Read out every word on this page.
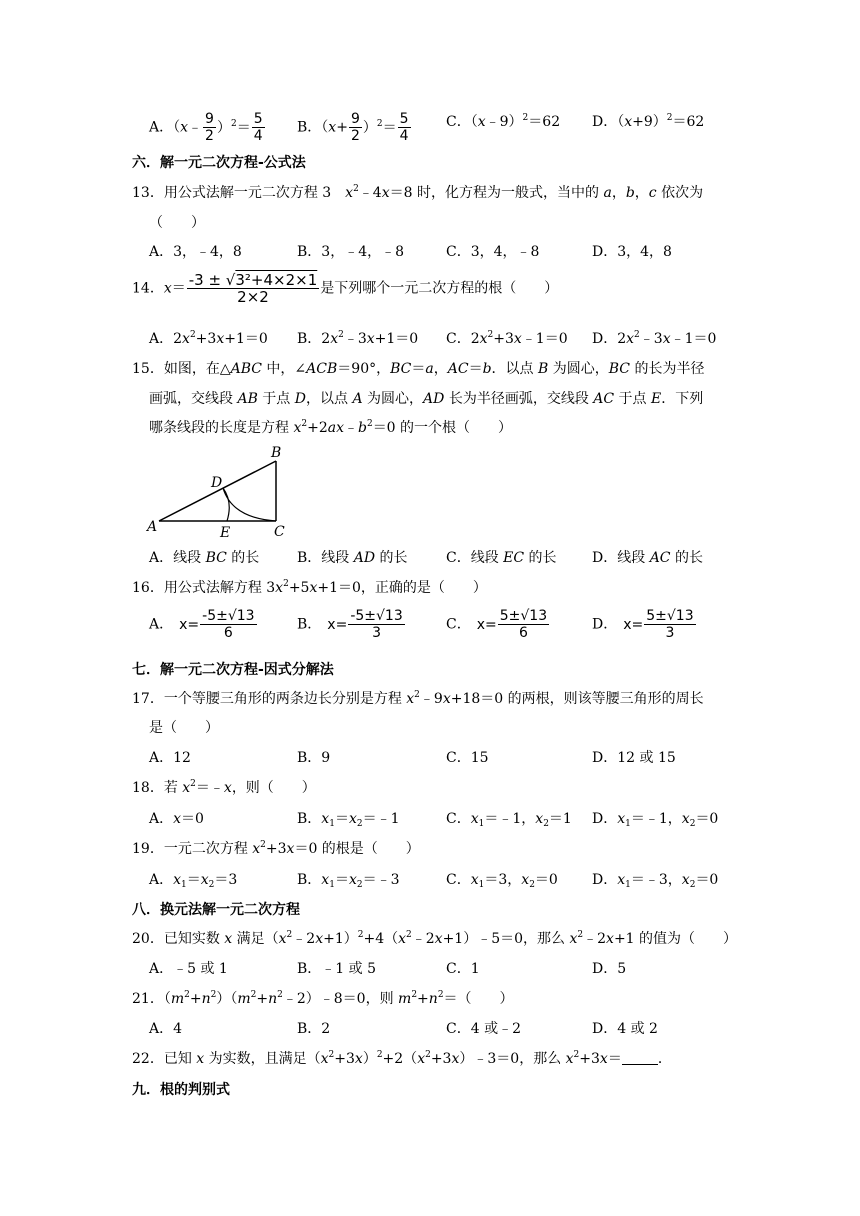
A．（x﹣ $\frac{9}{2} )^2= \frac{5}{4}$ B．$(x+ \frac{9}{2} )^2= \frac{5}{4}$	C．（x﹣9）$^2$＝62 D．$(x+9)^2=62$
六．解一元二次方程-公式法
13．用公式法解一元二次方程 3　$x^2﹣4x=8$ 时，化方程为一般式，当中的 a，b，c 依次为
（　　）
A．3，﹣4，8	B．3，﹣4，﹣8	C．3，4，﹣8	D．3，4，8
14．$x= \frac{\text{-3 ± √3²+4×2×1}}{2\times 2}$ 是下列哪个一元二次方程的根（　　）
A．$2x^2+3x+1=0$ B．$2x^2﹣3x+1=0$ C．$2x^2+3x﹣1=0$ D．$2x^2﹣3x﹣1=0$
15．如图，在△ABC 中，∠ACB＝90°，BC＝a，AC＝b．以点 B 为圆心，BC 的长为半径
画弧，交线段 AB 于点 D，以点 A 为圆心，AD 长为半径画弧，交线段 AC 于点 E．下列
哪条线段的长度是方程 $x^2+2ax﹣b^2=0$ 的一个根（　　）
A
B
C
D
E
A．线段 BC 的长	B．线段 AD 的长	C．线段 EC 的长	D．线段 AC 的长
16．用公式法解方程 $3x^2+5x+1=0$，正确的是（　　）
A． $x= \frac{-5\pm√13}{6}$	B． $x= \frac{-5\pm√13}{3}$	C． $x= \frac{5\pm√13}{6}$	D． $x= \frac{5\pm√13}{3}$
七．解一元二次方程-因式分解法
17．一个等腰三角形的两条边长分别是方程 $x^2﹣9x+18=0$ 的两根，则该等腰三角形的周长
是（　　）
A．12	B．9	C．15	D．12 或 15
18．若 $x^2=﹣x$，则（　　）
A．x＝0	B．$x_1=x_2=﹣1$	C．$x_1=﹣1$，$x_2=1$ D．$x_1=﹣1$，$x_2=0$
19．一元二次方程 $x^2+3x=0$ 的根是（　　）
A．$x_1=x_2=3$	B．$x_1=x_2=﹣3$	C．$x_1=3$，$x_2=0$ D．$x_1=﹣3$，$x_2=0$
八．换元法解一元二次方程
20．已知实数 x 满足$(x^2﹣2x+1)^2+4(x^2﹣2x+1)﹣5=0$，那么 $x^2﹣2x+1$ 的值为（　　）
A．﹣5 或 1	B．﹣1 或 5	C．1	D．5
21．$(m^2+n^2)(m^2+n^2﹣2)﹣8=0$，则 $m^2+n^2=$（　　）
A．4	B．2	C．4 或﹣2	D．4 或 2
22．已知 x 为实数，且满足$(x^2+3x)^2+2(x^2+3x)﹣3=0$，那么 $x^2+3x=$	．
九．根的判别式
